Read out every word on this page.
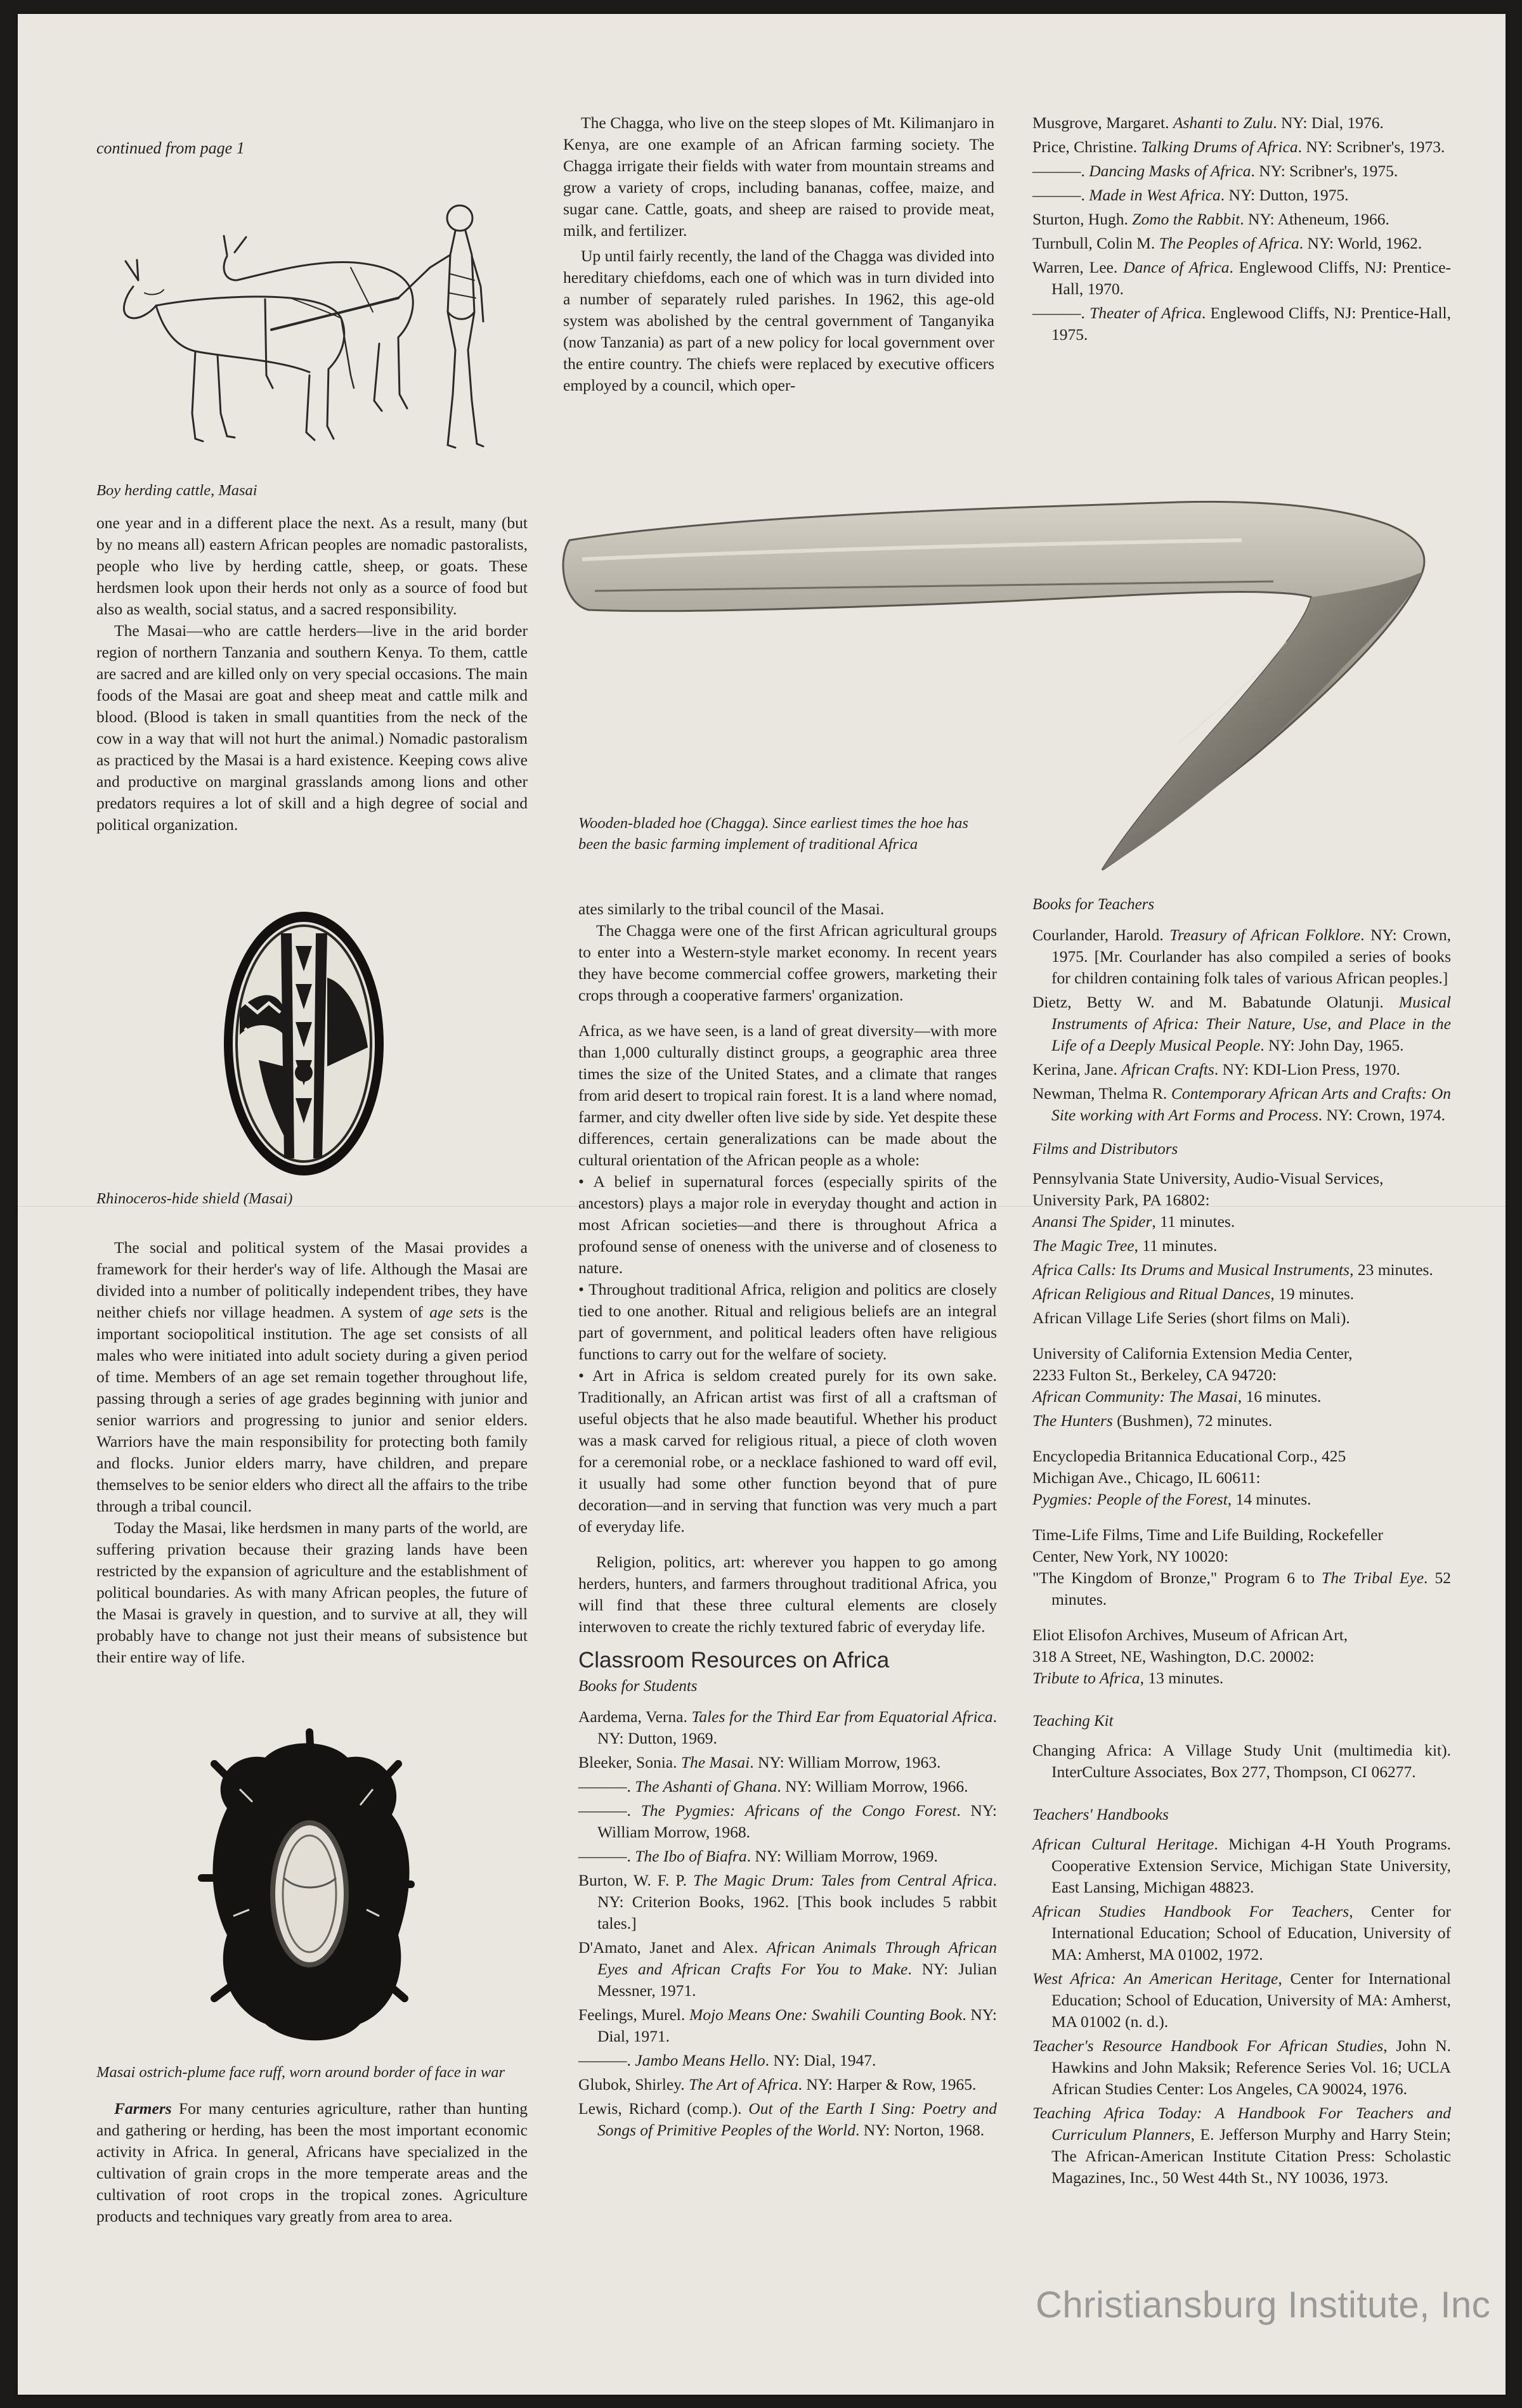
continued from page 1
Boy herding cattle, Masai

one year and in a different place the next. As a result, many (but by no means all) eastern African peoples are nomadic pastoralists, people who live by herding cattle, sheep, or goats. These herdsmen look upon their herds not only as a source of food but also as wealth, social status, and a sacred responsibility.

The Masai—who are cattle herders—live in the arid border region of northern Tanzania and southern Kenya. To them, cattle are sacred and are killed only on very special occasions. The main foods of the Masai are goat and sheep meat and cattle milk and blood. (Blood is taken in small quantities from the neck of the cow in a way that will not hurt the animal.) Nomadic pastoralism as practiced by the Masai is a hard existence. Keeping cows alive and productive on marginal grasslands among lions and other predators requires a lot of skill and a high degree of social and political organization.

Rhinoceros-hide shield (Masai)

The social and political system of the Masai provides a framework for their herder's way of life. Although the Masai are divided into a number of politically independent tribes, they have neither chiefs nor village headmen. A system of age sets is the important sociopolitical institution. The age set consists of all males who were initiated into adult society during a given period of time. Members of an age set remain together throughout life, passing through a series of age grades beginning with junior and senior warriors and progressing to junior and senior elders. Warriors have the main responsibility for protecting both family and flocks. Junior elders marry, have children, and prepare themselves to be senior elders who direct all the affairs to the tribe through a tribal council.

Today the Masai, like herdsmen in many parts of the world, are suffering privation because their grazing lands have been restricted by the expansion of agriculture and the establishment of political boundaries. As with many African peoples, the future of the Masai is gravely in question, and to survive at all, they will probably have to change not just their means of subsistence but their entire way of life.

Masai ostrich-plume face ruff, worn around border of face in war

Farmers For many centuries agriculture, rather than hunting and gathering or herding, has been the most important economic activity in Africa. In general, Africans have specialized in the cultivation of grain crops in the more temperate areas and the cultivation of root crops in the tropical zones. Agriculture products and techniques vary greatly from area to area.

The Chagga, who live on the steep slopes of Mt. Kilimanjaro in Kenya, are one example of an African farming society. The Chagga irrigate their fields with water from mountain streams and grow a variety of crops, including bananas, coffee, maize, and sugar cane. Cattle, goats, and sheep are raised to provide meat, milk, and fertilizer.

Up until fairly recently, the land of the Chagga was divided into hereditary chiefdoms, each one of which was in turn divided into a number of separately ruled parishes. In 1962, this age-old system was abolished by the central government of Tanganyika (now Tanzania) as part of a new policy for local government over the entire country. The chiefs were replaced by executive officers employed by a council, which oper-

Wooden-bladed hoe (Chagga). Since earliest times the hoe has been the basic farming implement of traditional Africa

ates similarly to the tribal council of the Masai.

The Chagga were one of the first African agricultural groups to enter into a Western-style market economy. In recent years they have become commercial coffee growers, marketing their crops through a cooperative farmers' organization.

Africa, as we have seen, is a land of great diversity—with more than 1,000 culturally distinct groups, a geographic area three times the size of the United States, and a climate that ranges from arid desert to tropical rain forest. It is a land where nomad, farmer, and city dweller often live side by side. Yet despite these differences, certain generalizations can be made about the cultural orientation of the African people as a whole:

• A belief in supernatural forces (especially spirits of the ancestors) plays a major role in everyday thought and action in most African societies—and there is throughout Africa a profound sense of oneness with the universe and of closeness to nature.

• Throughout traditional Africa, religion and politics are closely tied to one another. Ritual and religious beliefs are an integral part of government, and political leaders often have religious functions to carry out for the welfare of society.

• Art in Africa is seldom created purely for its own sake. Traditionally, an African artist was first of all a craftsman of useful objects that he also made beautiful. Whether his product was a mask carved for religious ritual, a piece of cloth woven for a ceremonial robe, or a necklace fashioned to ward off evil, it usually had some other function beyond that of pure decoration—and in serving that function was very much a part of everyday life.

Religion, politics, art: wherever you happen to go among herders, hunters, and farmers throughout traditional Africa, you will find that these three cultural elements are closely interwoven to create the richly textured fabric of everyday life.

Classroom Resources on Africa
Books for Students
Aardema, Verna. Tales for the Third Ear from Equatorial Africa. NY: Dutton, 1969.
Bleeker, Sonia. The Masai. NY: William Morrow, 1963.
———. The Ashanti of Ghana. NY: William Morrow, 1966.
———. The Pygmies: Africans of the Congo Forest. NY: William Morrow, 1968.
———. The Ibo of Biafra. NY: William Morrow, 1969.
Burton, W. F. P. The Magic Drum: Tales from Central Africa. NY: Criterion Books, 1962. [This book includes 5 rabbit tales.]
D'Amato, Janet and Alex. African Animals Through African Eyes and African Crafts For You to Make. NY: Julian Messner, 1971.
Feelings, Murel. Mojo Means One: Swahili Counting Book. NY: Dial, 1971.
———. Jambo Means Hello. NY: Dial, 1947.
Glubok, Shirley. The Art of Africa. NY: Harper & Row, 1965.
Lewis, Richard (comp.). Out of the Earth I Sing: Poetry and Songs of Primitive Peoples of the World. NY: Norton, 1968.
Musgrove, Margaret. Ashanti to Zulu. NY: Dial, 1976.
Price, Christine. Talking Drums of Africa. NY: Scribner's, 1973.
———. Dancing Masks of Africa. NY: Scribner's, 1975.
———. Made in West Africa. NY: Dutton, 1975.
Sturton, Hugh. Zomo the Rabbit. NY: Atheneum, 1966.
Turnbull, Colin M. The Peoples of Africa. NY: World, 1962.
Warren, Lee. Dance of Africa. Englewood Cliffs, NJ: Prentice-Hall, 1970.
———. Theater of Africa. Englewood Cliffs, NJ: Prentice-Hall, 1975.
Books for Teachers
Courlander, Harold. Treasury of African Folklore. NY: Crown, 1975. [Mr. Courlander has also compiled a series of books for children containing folk tales of various African peoples.]
Dietz, Betty W. and M. Babatunde Olatunji. Musical Instruments of Africa: Their Nature, Use, and Place in the Life of a Deeply Musical People. NY: John Day, 1965.
Kerina, Jane. African Crafts. NY: KDI-Lion Press, 1970.
Newman, Thelma R. Contemporary African Arts and Crafts: On Site working with Art Forms and Process. NY: Crown, 1974.
Films and Distributors
Pennsylvania State University, Audio-Visual Services,
University Park, PA 16802:
Anansi The Spider, 11 minutes.
The Magic Tree, 11 minutes.
Africa Calls: Its Drums and Musical Instruments, 23 minutes.
African Religious and Ritual Dances, 19 minutes.
African Village Life Series (short films on Mali).
University of California Extension Media Center,
2233 Fulton St., Berkeley, CA 94720:
African Community: The Masai, 16 minutes.
The Hunters (Bushmen), 72 minutes.
Encyclopedia Britannica Educational Corp., 425
Michigan Ave., Chicago, IL 60611:
Pygmies: People of the Forest, 14 minutes.
Time-Life Films, Time and Life Building, Rockefeller
Center, New York, NY 10020:
"The Kingdom of Bronze," Program 6 to The Tribal Eye. 52 minutes.
Eliot Elisofon Archives, Museum of African Art,
318 A Street, NE, Washington, D.C. 20002:
Tribute to Africa, 13 minutes.
Teaching Kit
Changing Africa: A Village Study Unit (multimedia kit). InterCulture Associates, Box 277, Thompson, CI 06277.
Teachers' Handbooks
African Cultural Heritage. Michigan 4-H Youth Programs. Cooperative Extension Service, Michigan State University, East Lansing, Michigan 48823.
African Studies Handbook For Teachers, Center for International Education; School of Education, University of MA: Amherst, MA 01002, 1972.
West Africa: An American Heritage, Center for International Education; School of Education, University of MA: Amherst, MA 01002 (n. d.).
Teacher's Resource Handbook For African Studies, John N. Hawkins and John Maksik; Reference Series Vol. 16; UCLA African Studies Center: Los Angeles, CA 90024, 1976.
Teaching Africa Today: A Handbook For Teachers and Curriculum Planners, E. Jefferson Murphy and Harry Stein; The African-American Institute Citation Press: Scholastic Magazines, Inc., 50 West 44th St., NY 10036, 1973.
Christiansburg Institute, Inc
